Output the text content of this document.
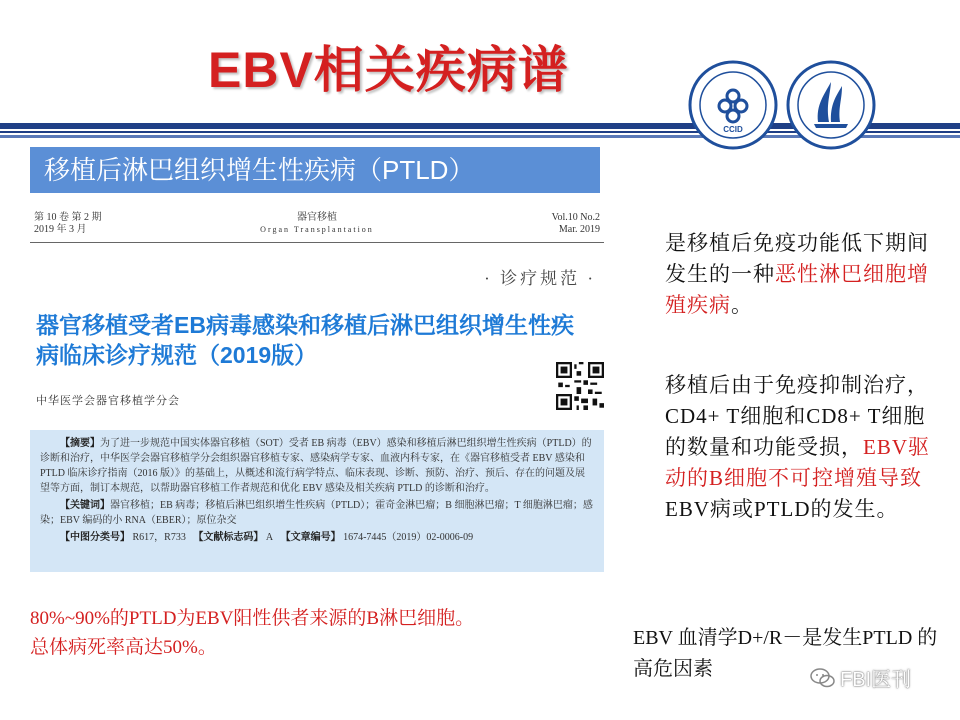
EBV相关疾病谱
CCID
移植后淋巴组织增生性疾病（PTLD）
第 10 卷 第 2 期
2019 年 3 月
器官移植
Organ Transplantation
Vol.10 No.2
Mar. 2019
· 诊疗规范 ·
器官移植受者EB病毒感染和移植后淋巴组织增生性疾病临床诊疗规范（2019版）
中华医学会器官移植学分会
【摘要】为了进一步规范中国实体器官移植（SOT）受者 EB 病毒（EBV）感染和移植后淋巴组织增生性疾病（PTLD）的诊断和治疗，中华医学会器官移植学分会组织器官移植专家、感染病学专家、血液内科专家，在《器官移植受者 EBV 感染和 PTLD 临床诊疗指南（2016 版）》的基础上，从概述和流行病学特点、临床表现、诊断、预防、治疗、预后、存在的问题及展望等方面，制订本规范，以帮助器官移植工作者规范和优化 EBV 感染及相关疾病 PTLD 的诊断和治疗。
【关键词】器官移植；EB 病毒；移植后淋巴组织增生性疾病（PTLD）；霍奇金淋巴瘤；B 细胞淋巴瘤；T 细胞淋巴瘤；感染；EBV 编码的小 RNA（EBER）；原位杂交
【中图分类号】 R617，R733 【文献标志码】 A 【文章编号】 1674-7445（2019）02-0006-09
80%~90%的PTLD为EBV阳性供者来源的B淋巴细胞。
总体病死率高达50%。
是移植后免疫功能低下期间发生的一种恶性淋巴细胞增殖疾病。
移植后由于免疫抑制治疗，CD4+ T细胞和CD8+ T细胞的数量和功能受损，EBV驱动的B细胞不可控增殖导致EBV病或PTLD的发生。
EBV 血清学D+/R－是发生PTLD 的高危因素	FBI医刊
